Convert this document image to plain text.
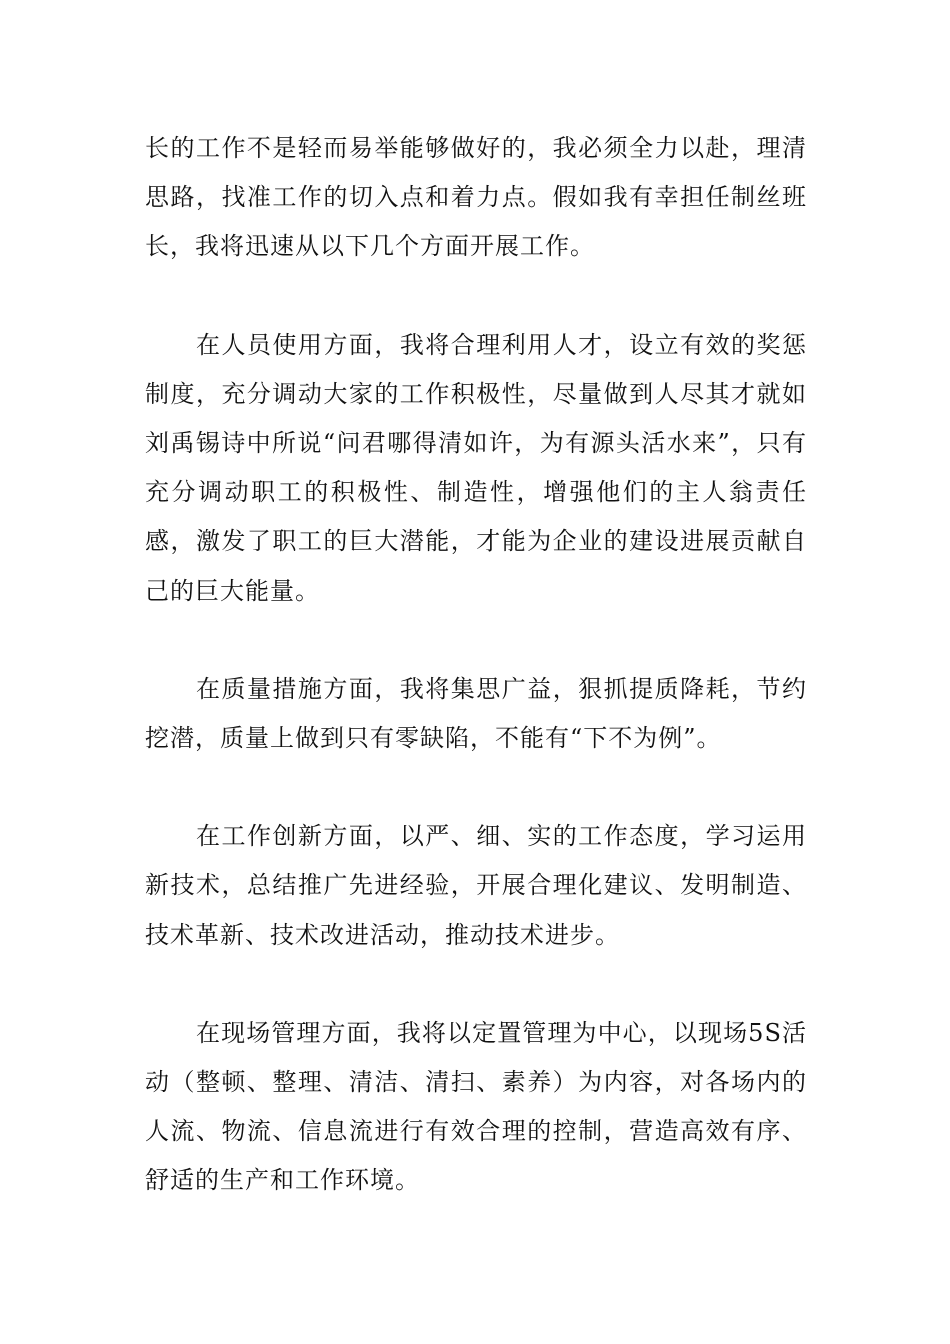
长的工作不是轻而易举能够做好的，我必须全力以赴，理清思路，找准工作的切入点和着力点。假如我有幸担任制丝班长，我将迅速从以下几个方面开展工作。

在人员使用方面，我将合理利用人才，设立有效的奖惩制度，充分调动大家的工作积极性，尽量做到人尽其才就如刘禹锡诗中所说“问君哪得清如许，为有源头活水来”，只有充分调动职工的积极性、制造性，增强他们的主人翁责任感，激发了职工的巨大潜能，才能为企业的建设进展贡献自己的巨大能量。

在质量措施方面，我将集思广益，狠抓提质降耗，节约挖潜，质量上做到只有零缺陷，不能有“下不为例”。

在工作创新方面，以严、细、实的工作态度，学习运用新技术，总结推广先进经验，开展合理化建议、发明制造、技术革新、技术改进活动，推动技术进步。

在现场管理方面，我将以定置管理为中心，以现场5S活动（整顿、整理、清洁、清扫、素养）为内容，对各场内的人流、物流、信息流进行有效合理的控制，营造高效有序、舒适的生产和工作环境。
